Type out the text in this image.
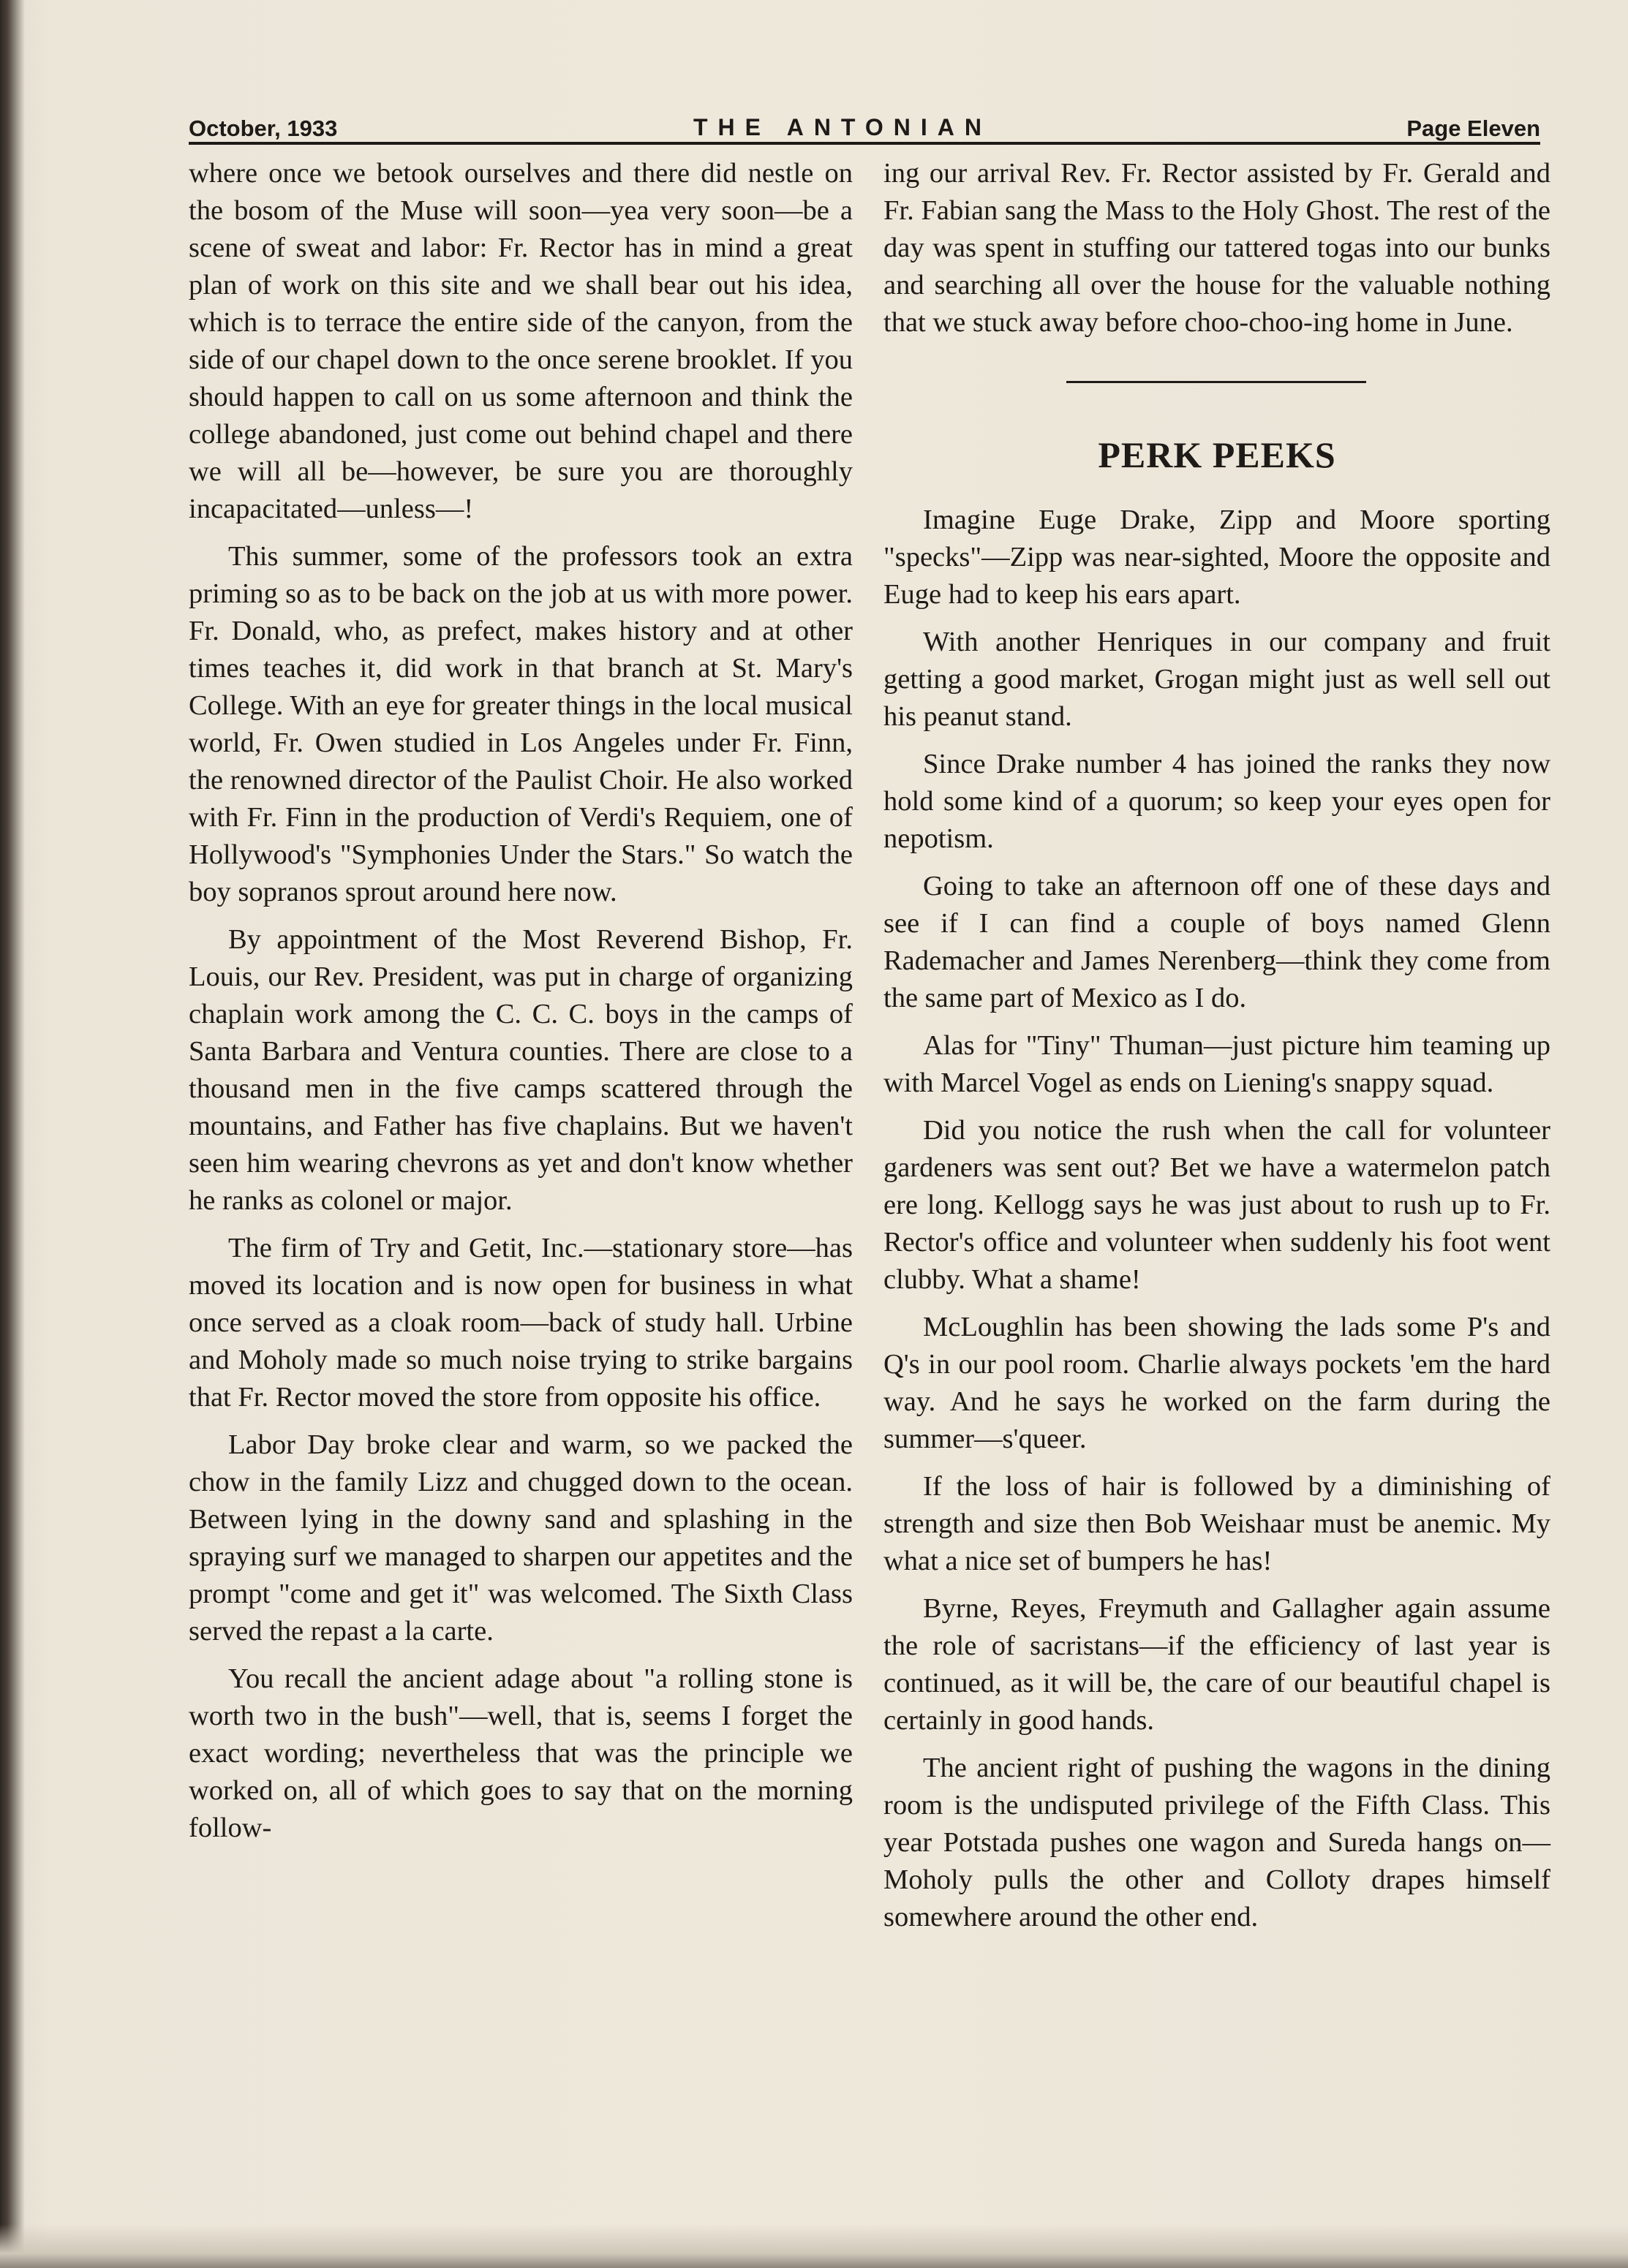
October, 1933	THE ANTONIAN	Page Eleven

where once we betook ourselves and there did nestle on the bosom of the Muse will soon—yea very soon—be a scene of sweat and labor: Fr. Rector has in mind a great plan of work on this site and we shall bear out his idea, which is to terrace the entire side of the canyon, from the side of our chapel down to the once serene brooklet. If you should happen to call on us some afternoon and think the college abandoned, just come out behind chapel and there we will all be—however, be sure you are thoroughly incapacitated—unless—!

This summer, some of the professors took an extra priming so as to be back on the job at us with more power. Fr. Donald, who, as prefect, makes history and at other times teaches it, did work in that branch at St. Mary's College. With an eye for greater things in the local musical world, Fr. Owen studied in Los Angeles under Fr. Finn, the renowned director of the Paulist Choir. He also worked with Fr. Finn in the production of Verdi's Requiem, one of Hollywood's "Symphonies Under the Stars." So watch the boy sopranos sprout around here now.

By appointment of the Most Reverend Bishop, Fr. Louis, our Rev. President, was put in charge of organizing chaplain work among the C. C. C. boys in the camps of Santa Barbara and Ventura counties. There are close to a thousand men in the five camps scattered through the mountains, and Father has five chaplains. But we haven't seen him wearing chevrons as yet and don't know whether he ranks as colonel or major.

The firm of Try and Getit, Inc.—stationary store—has moved its location and is now open for business in what once served as a cloak room—back of study hall. Urbine and Moholy made so much noise trying to strike bargains that Fr. Rector moved the store from opposite his office.

Labor Day broke clear and warm, so we packed the chow in the family Lizz and chugged down to the ocean. Between lying in the downy sand and splashing in the spraying surf we managed to sharpen our appetites and the prompt "come and get it" was welcomed. The Sixth Class served the repast a la carte.

You recall the ancient adage about "a rolling stone is worth two in the bush"—well, that is, seems I forget the exact wording; nevertheless that was the principle we worked on, all of which goes to say that on the morning follow-

ing our arrival Rev. Fr. Rector assisted by Fr. Gerald and Fr. Fabian sang the Mass to the Holy Ghost. The rest of the day was spent in stuffing our tattered togas into our bunks and searching all over the house for the valuable nothing that we stuck away before choo-choo-ing home in June.

PERK PEEKS

Imagine Euge Drake, Zipp and Moore sporting "specks"—Zipp was near-sighted, Moore the opposite and Euge had to keep his ears apart.

With another Henriques in our company and fruit getting a good market, Grogan might just as well sell out his peanut stand.

Since Drake number 4 has joined the ranks they now hold some kind of a quorum; so keep your eyes open for nepotism.

Going to take an afternoon off one of these days and see if I can find a couple of boys named Glenn Rademacher and James Nerenberg—think they come from the same part of Mexico as I do.

Alas for "Tiny" Thuman—just picture him teaming up with Marcel Vogel as ends on Liening's snappy squad.

Did you notice the rush when the call for volunteer gardeners was sent out? Bet we have a watermelon patch ere long. Kellogg says he was just about to rush up to Fr. Rector's office and volunteer when suddenly his foot went clubby. What a shame!

McLoughlin has been showing the lads some P's and Q's in our pool room. Charlie always pockets 'em the hard way. And he says he worked on the farm during the summer—s'queer.

If the loss of hair is followed by a diminishing of strength and size then Bob Weishaar must be anemic. My what a nice set of bumpers he has!

Byrne, Reyes, Freymuth and Gallagher again assume the role of sacristans—if the efficiency of last year is continued, as it will be, the care of our beautiful chapel is certainly in good hands.

The ancient right of pushing the wagons in the dining room is the undisputed privilege of the Fifth Class. This year Potstada pushes one wagon and Sureda hangs on—Moholy pulls the other and Colloty drapes himself somewhere around the other end.
